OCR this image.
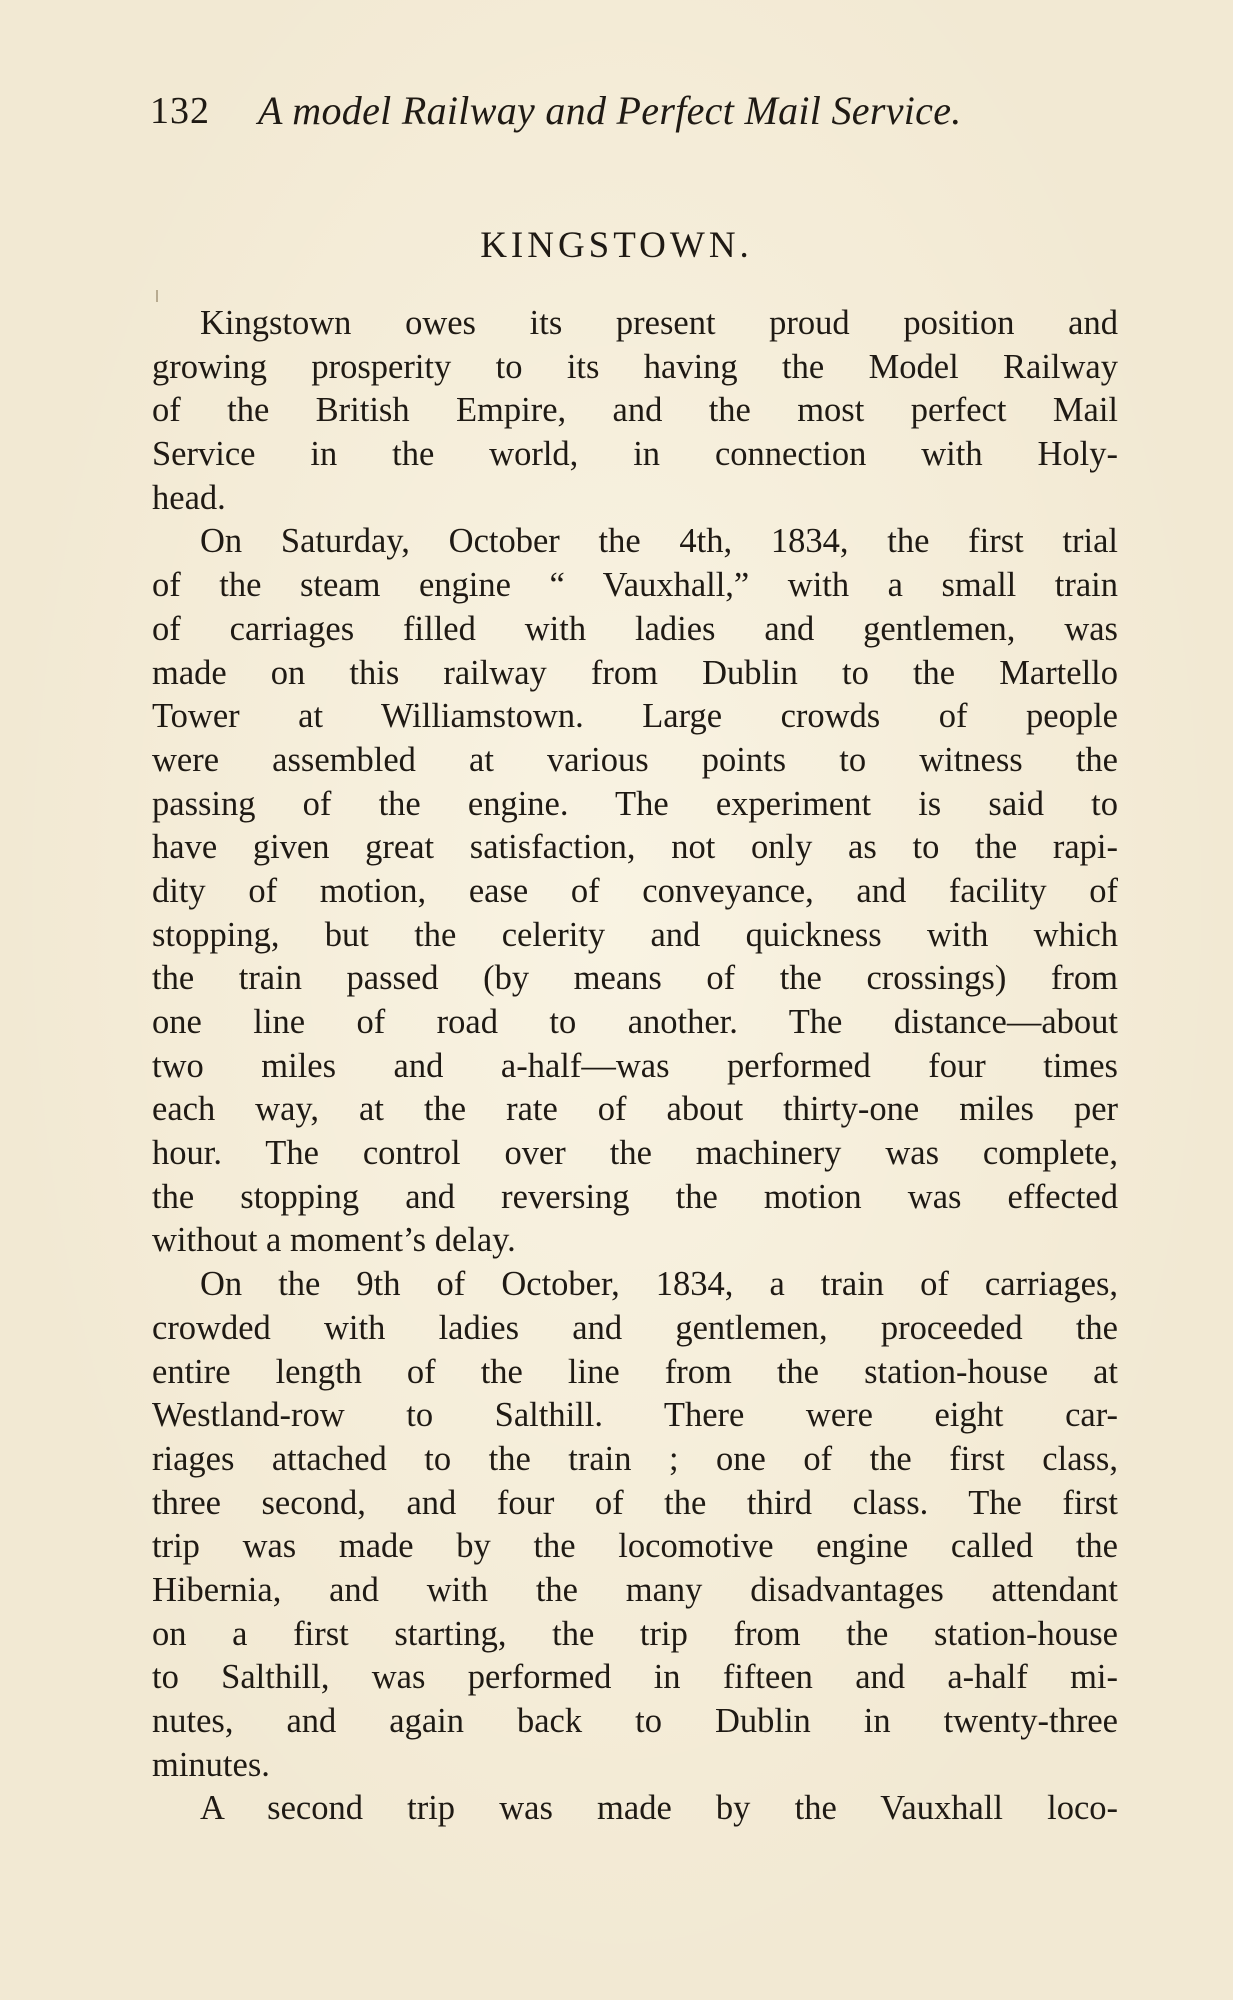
132 A model Railway and Perfect Mail Service.
KINGSTOWN.
Kingstown owes its present proud position and
growing prosperity to its having the Model Railway
of the British Empire, and the most perfect Mail
Service in the world, in connection with Holy-
head.
On Saturday, October the 4th, 1834, the first trial
of the steam engine “ Vauxhall,” with a small train
of carriages filled with ladies and gentlemen, was
made on this railway from Dublin to the Martello
Tower at Williamstown. Large crowds of people
were assembled at various points to witness the
passing of the engine. The experiment is said to
have given great satisfaction, not only as to the rapi-
dity of motion, ease of conveyance, and facility of
stopping, but the celerity and quickness with which
the train passed (by means of the crossings) from
one line of road to another. The distance—about
two miles and a-half—was performed four times
each way, at the rate of about thirty-one miles per
hour. The control over the machinery was complete,
the stopping and reversing the motion was effected
without a moment’s delay.
On the 9th of October, 1834, a train of carriages,
crowded with ladies and gentlemen, proceeded the
entire length of the line from the station-house at
Westland-row to Salthill. There were eight car-
riages attached to the train ; one of the first class,
three second, and four of the third class. The first
trip was made by the locomotive engine called the
Hibernia, and with the many disadvantages attendant
on a first starting, the trip from the station-house
to Salthill, was performed in fifteen and a-half mi-
nutes, and again back to Dublin in twenty-three
minutes.
A second trip was made by the Vauxhall loco-
